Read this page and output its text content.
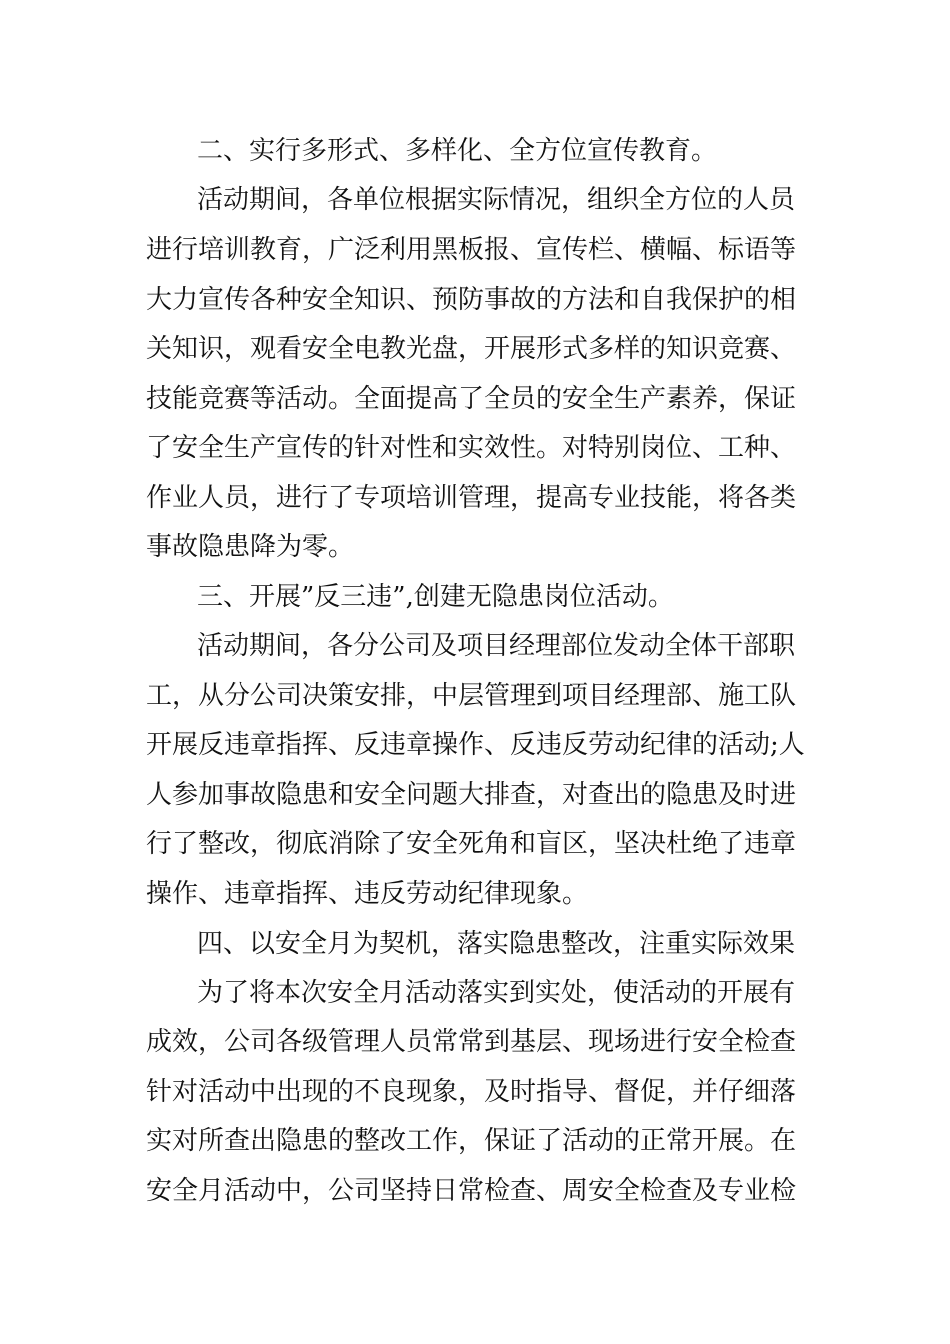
二、实行多形式、多样化、全方位宣传教育。
活动期间，各单位根据实际情况，组织全方位的人员
进行培训教育，广泛利用黑板报、宣传栏、横幅、标语等
大力宣传各种安全知识、预防事故的方法和自我保护的相
关知识，观看安全电教光盘，开展形式多样的知识竞赛、
技能竞赛等活动。全面提高了全员的安全生产素养，保证
了安全生产宣传的针对性和实效性。对特别岗位、工种、
作业人员，进行了专项培训管理，提高专业技能，将各类
事故隐患降为零。
三、开展”反三违”,创建无隐患岗位活动。
活动期间，各分公司及项目经理部位发动全体干部职
工，从分公司决策安排，中层管理到项目经理部、施工队
开展反违章指挥、反违章操作、反违反劳动纪律的活动;人
人参加事故隐患和安全问题大排查，对查出的隐患及时进
行了整改，彻底消除了安全死角和盲区，坚决杜绝了违章
操作、违章指挥、违反劳动纪律现象。
四、以安全月为契机，落实隐患整改，注重实际效果
为了将本次安全月活动落实到实处，使活动的开展有
成效，公司各级管理人员常常到基层、现场进行安全检查
针对活动中出现的不良现象，及时指导、督促，并仔细落
实对所查出隐患的整改工作，保证了活动的正常开展。在
安全月活动中，公司坚持日常检查、周安全检查及专业检
